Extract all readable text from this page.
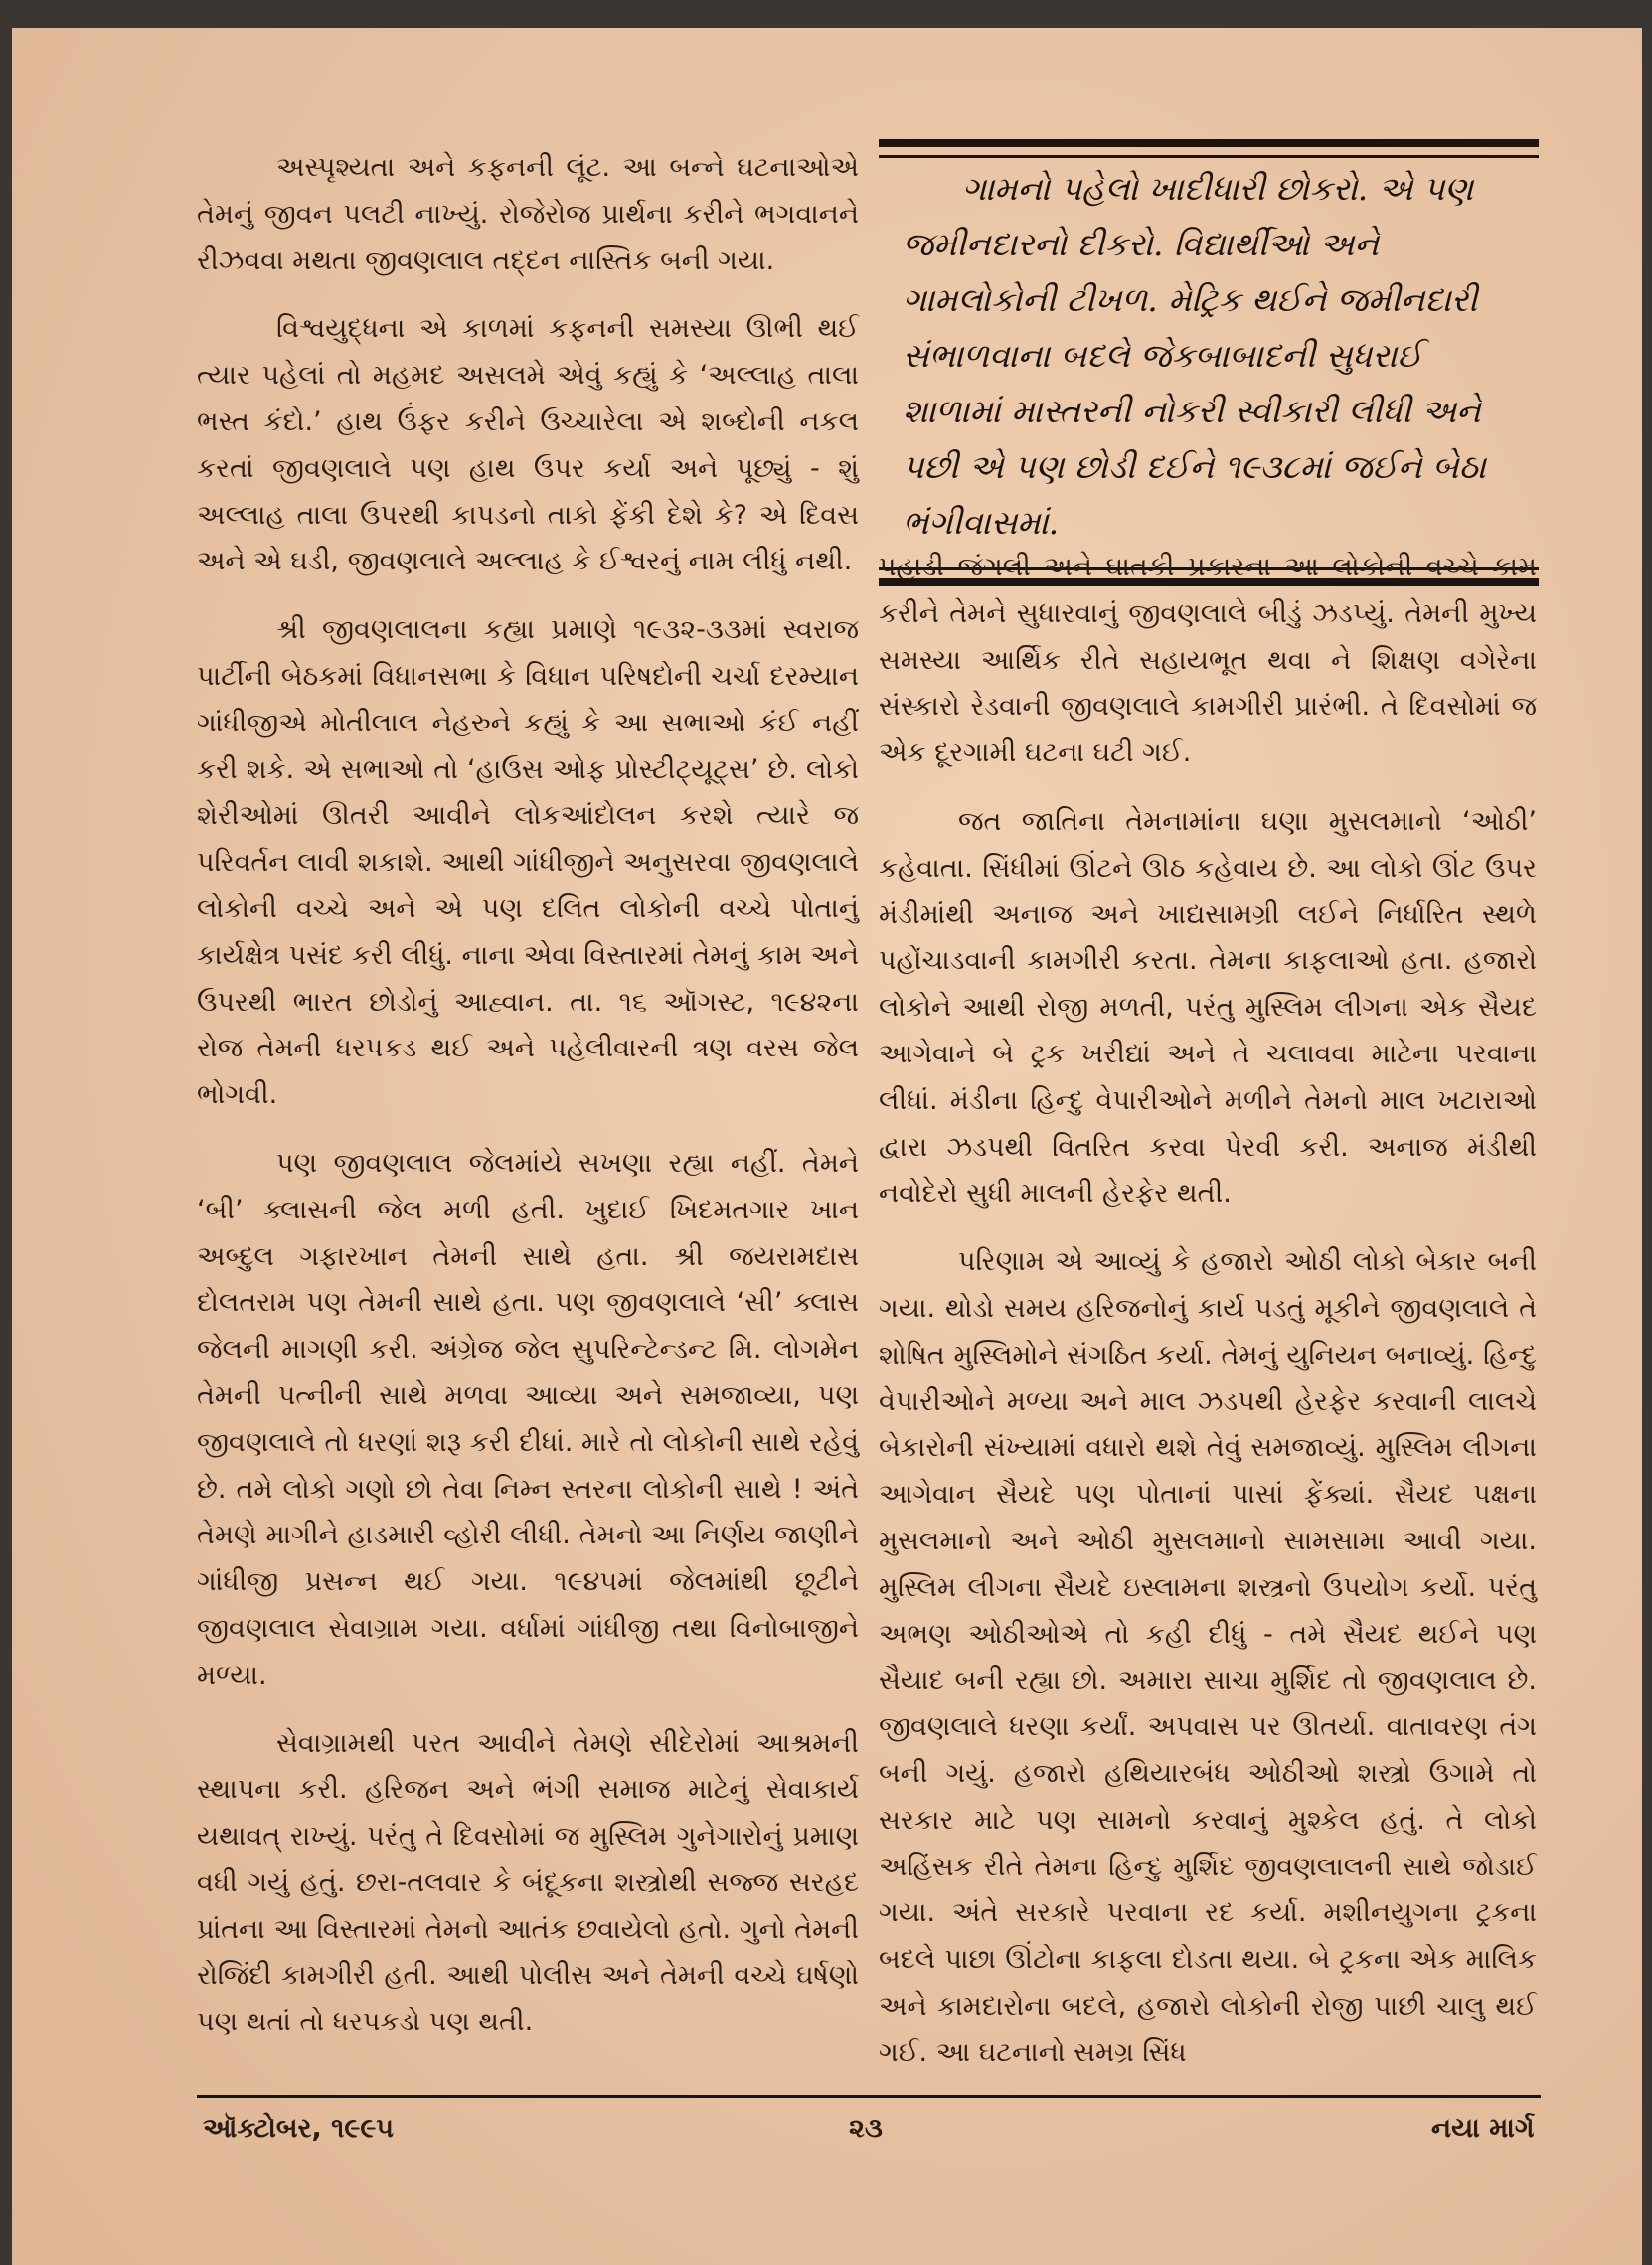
અસ્પૃશ્યતા અને કફનની લૂંટ. આ બન્ને ઘટનાઓએ તેમનું જીવન પલટી નાખ્યું. રોજેરોજ પ્રાર્થના કરીને ભગવાનને રીઝવવા મથતા જીવણલાલ તદ્દન નાસ્તિક બની ગયા.

વિશ્વયુદ્ધના એ કાળમાં કફનની સમસ્યા ઊભી થઈ ત્યાર પહેલાં તો મહમદ અસલમે એવું કહ્યું કે ‘અલ્લાહ તાલા ભસ્ત કંદો.’ હાથ ઉંફર કરીને ઉચ્ચારેલા એ શબ્દોની નકલ કરતાં જીવણલાલે પણ હાથ ઉપર કર્યા અને પૂછ્યું - શું અલ્લાહ તાલા ઉપરથી કાપડનો તાકો ફેંકી દેશે કે? એ દિવસ અને એ ઘડી, જીવણલાલે અલ્લાહ કે ઈશ્વરનું નામ લીધું નથી.

શ્રી જીવણલાલના કહ્યા પ્રમાણે ૧૯૩૨-૩૩માં સ્વરાજ પાર્ટીની બેઠકમાં વિધાનસભા કે વિધાન પરિષદોની ચર્ચા દરમ્યાન ગાંધીજીએ મોતીલાલ નેહરુને કહ્યું કે આ સભાઓ કંઈ નહીં કરી શકે. એ સભાઓ તો ‘હાઉસ ઓફ પ્રોસ્ટીટ્યૂટ્સ’ છે. લોકો શેરીઓમાં ઊતરી આવીને લોકઆંદોલન કરશે ત્યારે જ પરિવર્તન લાવી શકાશે. આથી ગાંધીજીને અનુસરવા જીવણલાલે લોકોની વચ્ચે અને એ પણ દલિત લોકોની વચ્ચે પોતાનું કાર્યક્ષેત્ર પસંદ કરી લીધું. નાના એવા વિસ્તારમાં તેમનું કામ અને ઉપરથી ભારત છોડોનું આહ્વાન. તા. ૧૬ ઑગસ્ટ, ૧૯૪૨ના રોજ તેમની ધરપકડ થઈ અને પહેલીવારની ત્રણ વરસ જેલ ભોગવી.

પણ જીવણલાલ જેલમાંયે સખણા રહ્યા નહીં. તેમને ‘બી’ ક્લાસની જેલ મળી હતી. ખુદાઈ ખિદમતગાર ખાન અબ્દુલ ગફારખાન તેમની સાથે હતા. શ્રી જયરામદાસ દોલતરામ પણ તેમની સાથે હતા. પણ જીવણલાલે ‘સી’ ક્લાસ જેલની માગણી કરી. અંગ્રેજ જેલ સુપરિન્ટેન્ડન્ટ મિ. લોગમેન તેમની પત્નીની સાથે મળવા આવ્યા અને સમજાવ્યા, પણ જીવણલાલે તો ધરણાં શરૂ કરી દીધાં. મારે તો લોકોની સાથે રહેવું છે. તમે લોકો ગણો છો તેવા નિમ્ન સ્તરના લોકોની સાથે ! અંતે તેમણે માગીને હાડમારી વ્હોરી લીધી. તેમનો આ નિર્ણય જાણીને ગાંધીજી પ્રસન્ન થઈ ગયા. ૧૯૪૫માં જેલમાંથી છૂટીને જીવણલાલ સેવાગ્રામ ગયા. વર્ધામાં ગાંધીજી તથા વિનોબાજીને મળ્યા.

સેવાગ્રામથી પરત આવીને તેમણે સીદેરોમાં આશ્રમની સ્થાપના કરી. હરિજન અને ભંગી સમાજ માટેનું સેવાકાર્ય યથાવત્ રાખ્યું. પરંતુ તે દિવસોમાં જ મુસ્લિમ ગુનેગારોનું પ્રમાણ વધી ગયું હતું. છરા-તલવાર કે બંદૂકના શસ્ત્રોથી સજ્જ સરહદ પ્રાંતના આ વિસ્તારમાં તેમનો આતંક છવાયેલો હતો. ગુનો તેમની રોજિંદી કામગીરી હતી. આથી પોલીસ અને તેમની વચ્ચે ઘર્ષણો પણ થતાં તો ધરપકડો પણ થતી.

ગામનો પહેલો ખાદીધારી છોકરો. એ પણ જમીનદારનો દીકરો. વિદ્યાર્થીઓ અને ગામલોકોની ટીખળ. મેટ્રિક થઈને જમીનદારી સંભાળવાના બદલે જેકબાબાદની સુધરાઈ શાળામાં માસ્તરની નોકરી સ્વીકારી લીધી અને પછી એ પણ છોડી દઈને ૧૯૩૮માં જઈને બેઠા ભંગીવાસમાં.

પહાડી જંગલી અને ઘાતકી પ્રકારના આ લોકોની વચ્ચે કામ કરીને તેમને સુધારવાનું જીવણલાલે બીડું ઝડપ્યું. તેમની મુખ્ય સમસ્યા આર્થિક રીતે સહાયભૂત થવા ને શિક્ષણ વગેરેના સંસ્કારો રેડવાની જીવણલાલે કામગીરી પ્રારંભી. તે દિવસોમાં જ એક દૂરગામી ઘટના ઘટી ગઈ.

જત જાતિના તેમનામાંના ઘણા મુસલમાનો ‘ઓઠી’ કહેવાતા. સિંધીમાં ઊંટને ઊઠ કહેવાય છે. આ લોકો ઊંટ ઉપર મંડીમાંથી અનાજ અને ખાદ્યસામગ્રી લઈને નિર્ધારિત સ્થળે પહોંચાડવાની કામગીરી કરતા. તેમના કાફલાઓ હતા. હજારો લોકોને આથી રોજી મળતી, પરંતુ મુસ્લિમ લીગના એક સૈયદ આગેવાને બે ટ્રક ખરીદ્યાં અને તે ચલાવવા માટેના પરવાના લીધાં. મંડીના હિન્દુ વેપારીઓને મળીને તેમનો માલ ખટારાઓ દ્વારા ઝડપથી વિતરિત કરવા પેરવી કરી. અનાજ મંડીથી નવોદેરો સુધી માલની હેરફેર થતી.

પરિણામ એ આવ્યું કે હજારો ઓઠી લોકો બેકાર બની ગયા. થોડો સમય હરિજનોનું કાર્ય પડતું મૂકીને જીવણલાલે તે શોષિત મુસ્લિમોને સંગઠિત કર્યા. તેમનું યુનિયન બનાવ્યું. હિન્દુ વેપારીઓને મળ્યા અને માલ ઝડપથી હેરફેર કરવાની લાલચે બેકારોની સંખ્યામાં વધારો થશે તેવું સમજાવ્યું. મુસ્લિમ લીગના આગેવાન સૈયદે પણ પોતાનાં પાસાં ફેંક્યાં. સૈયદ પક્ષના મુસલમાનો અને ઓઠી મુસલમાનો સામસામા આવી ગયા. મુસ્લિમ લીગના સૈયદે ઇસ્લામના શસ્ત્રનો ઉપયોગ કર્યો. પરંતુ અભણ ઓઠીઓએ તો કહી દીધું - તમે સૈયદ થઈને પણ સૈયાદ બની રહ્યા છો. અમારા સાચા મુર્શિદ તો જીવણલાલ છે. જીવણલાલે ધરણા કર્યાં. અપવાસ પર ઊતર્યા. વાતાવરણ તંગ બની ગયું. હજારો હથિયારબંધ ઓઠીઓ શસ્ત્રો ઉગામે તો સરકાર માટે પણ સામનો કરવાનું મુશ્કેલ હતું. તે લોકો અહિંસક રીતે તેમના હિન્દુ મુર્શિદ જીવણલાલની સાથે જોડાઈ ગયા. અંતે સરકારે પરવાના રદ કર્યા. મશીનયુગના ટ્રકના બદલે પાછા ઊંટોના કાફલા દોડતા થયા. બે ટ્રકના એક માલિક અને કામદારોના બદલે, હજારો લોકોની રોજી પાછી ચાલુ થઈ ગઈ. આ ઘટનાનો સમગ્ર સિંધ

ઑક્ટોબર, ૧૯૯૫	૨૩	નયા માર્ગ
